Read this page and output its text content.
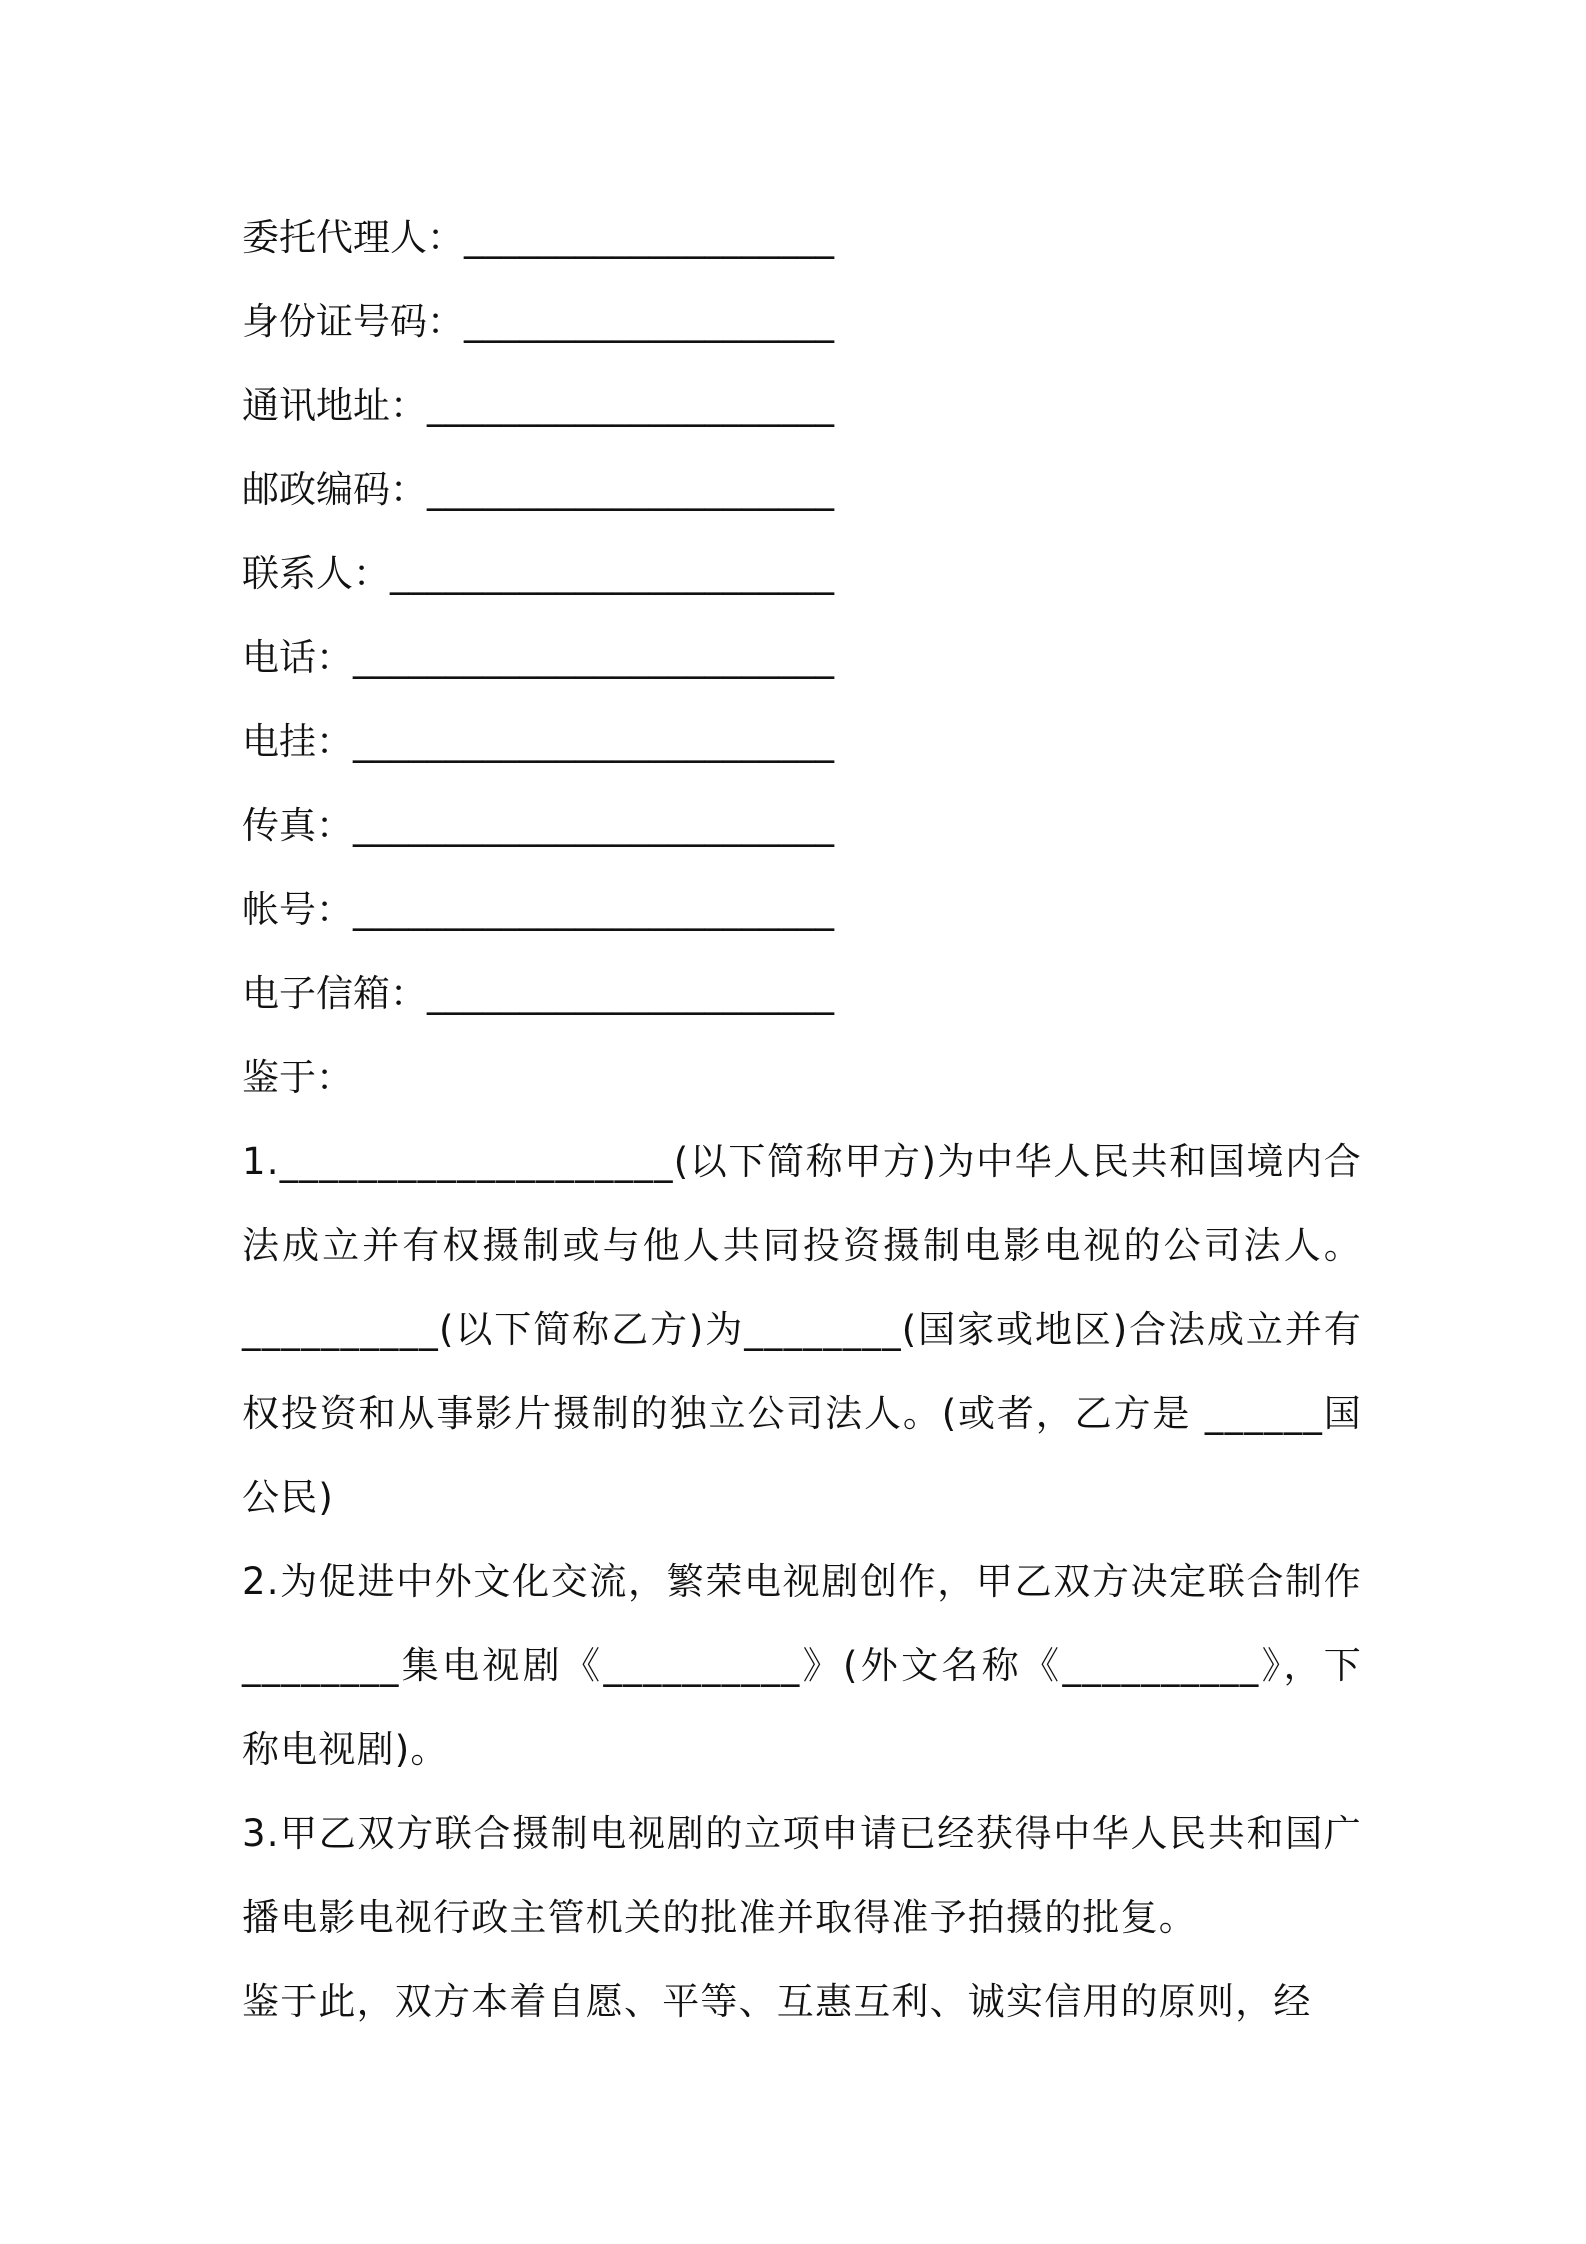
委托代理人：____________________
身份证号码：____________________
通讯地址：______________________
邮政编码：______________________
联系人：________________________
电话：__________________________
电挂：__________________________
传真：__________________________
帐号：__________________________
电子信箱：______________________
鉴于：

1.____________________(以下简称甲方)为中华人民共和国境内合法成立并有权摄制或与他人共同投资摄制电影电视的公司法人。 __________(以下简称乙方)为________(国家或地区)合法成立并有权投资和从事影片摄制的独立公司法人。(或者，乙方是 ______国公民)

2.为促进中外文化交流，繁荣电视剧创作，甲乙双方决定联合制作________集电视剧《__________》(外文名称《__________》，下称电视剧)。

3.甲乙双方联合摄制电视剧的立项申请已经获得中华人民共和国广播电影电视行政主管机关的批准并取得准予拍摄的批复。

鉴于此，双方本着自愿、平等、互惠互利、诚实信用的原则，经
